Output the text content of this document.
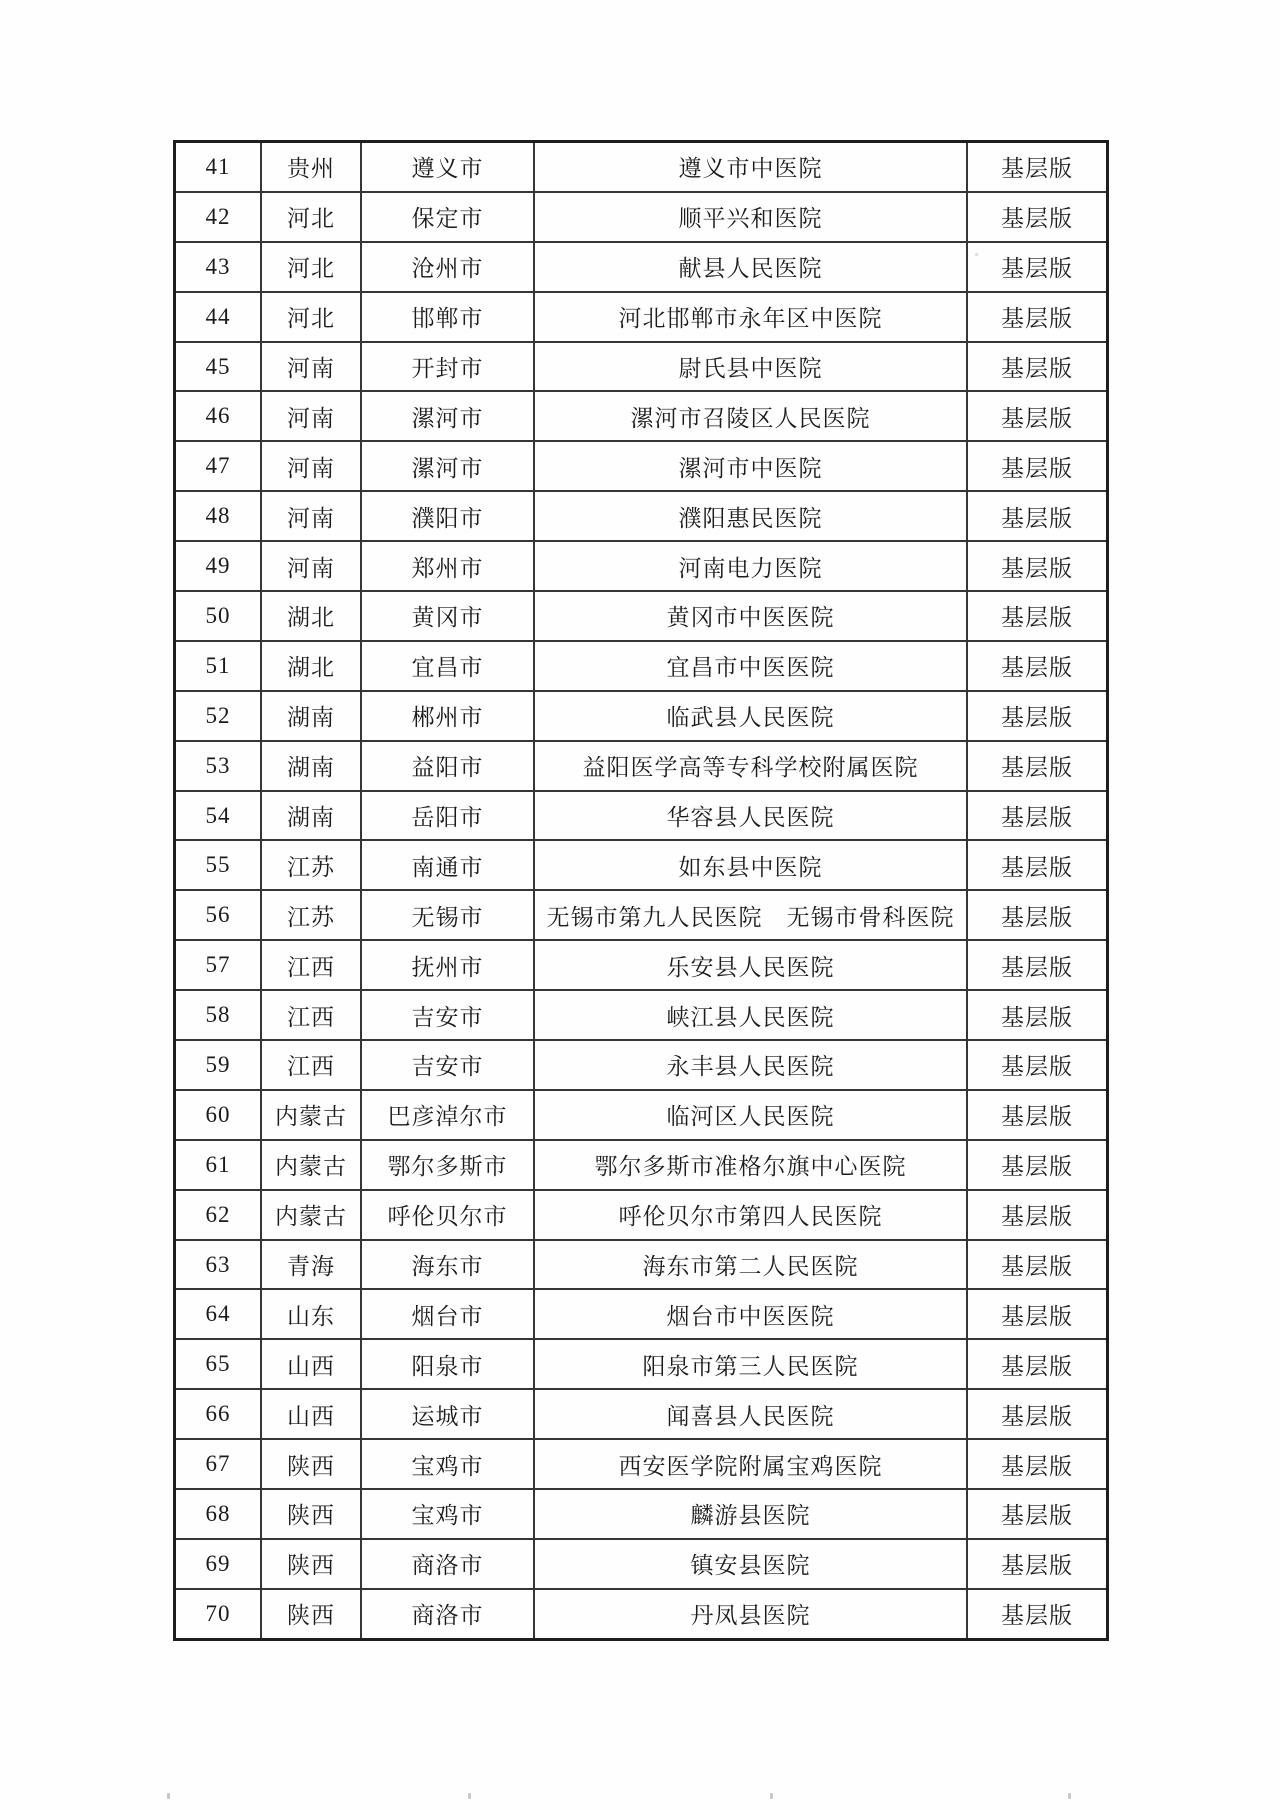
41	贵州	遵义市	遵义市中医院	基层版
42	河北	保定市	顺平兴和医院	基层版
43	河北	沧州市	献县人民医院	基层版
44	河北	邯郸市	河北邯郸市永年区中医院	基层版
45	河南	开封市	尉氏县中医院	基层版
46	河南	漯河市	漯河市召陵区人民医院	基层版
47	河南	漯河市	漯河市中医院	基层版
48	河南	濮阳市	濮阳惠民医院	基层版
49	河南	郑州市	河南电力医院	基层版
50	湖北	黄冈市	黄冈市中医医院	基层版
51	湖北	宜昌市	宜昌市中医医院	基层版
52	湖南	郴州市	临武县人民医院	基层版
53	湖南	益阳市	益阳医学高等专科学校附属医院	基层版
54	湖南	岳阳市	华容县人民医院	基层版
55	江苏	南通市	如东县中医院	基层版
56	江苏	无锡市	无锡市第九人民医院　无锡市骨科医院	基层版
57	江西	抚州市	乐安县人民医院	基层版
58	江西	吉安市	峡江县人民医院	基层版
59	江西	吉安市	永丰县人民医院	基层版
60	内蒙古	巴彦淖尔市	临河区人民医院	基层版
61	内蒙古	鄂尔多斯市	鄂尔多斯市准格尔旗中心医院	基层版
62	内蒙古	呼伦贝尔市	呼伦贝尔市第四人民医院	基层版
63	青海	海东市	海东市第二人民医院	基层版
64	山东	烟台市	烟台市中医医院	基层版
65	山西	阳泉市	阳泉市第三人民医院	基层版
66	山西	运城市	闻喜县人民医院	基层版
67	陕西	宝鸡市	西安医学院附属宝鸡医院	基层版
68	陕西	宝鸡市	麟游县医院	基层版
69	陕西	商洛市	镇安县医院	基层版
70	陕西	商洛市	丹凤县医院	基层版
